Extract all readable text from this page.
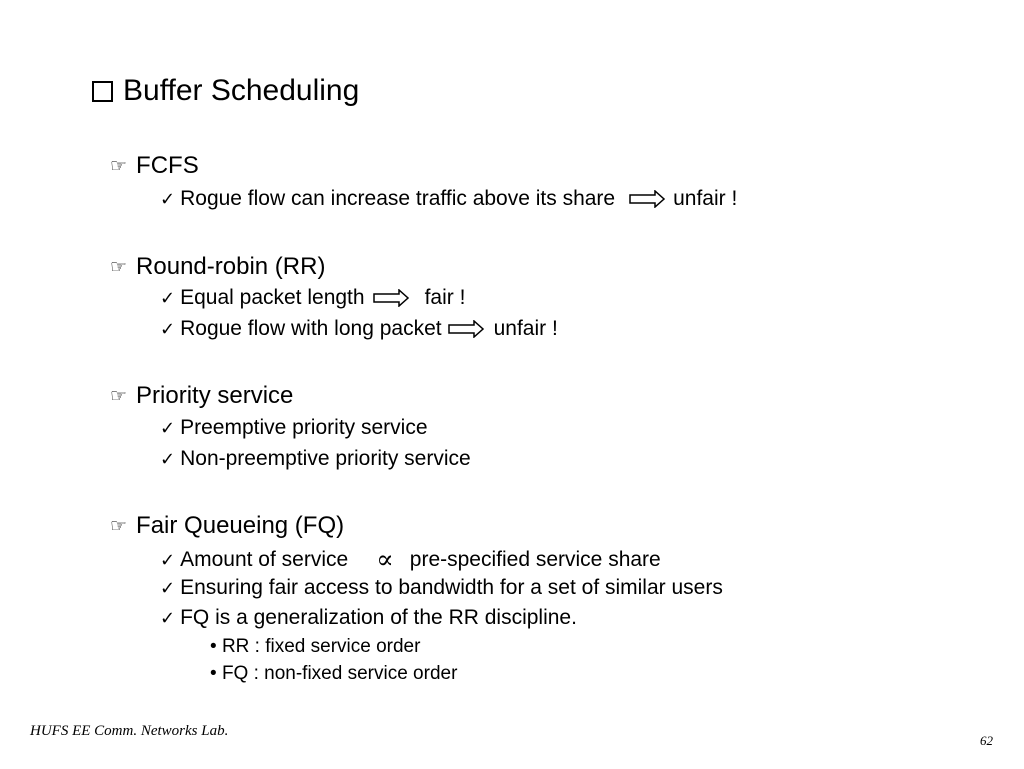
Buffer Scheduling
☞ FCFS
✓ Rogue flow can increase traffic above its share	unfair !
☞ Round-robin (RR)
✓ Equal packet length	fair !
✓ Rogue flow with long packet unfair !
☞ Priority service
✓ Preemptive priority service
✓ Non-preemptive priority service
☞ Fair Queueing (FQ)
✓ Amount of service ∝ pre-specified service share
✓ Ensuring fair access to bandwidth for a set of similar users
✓ FQ is a generalization of the RR discipline.
• RR : fixed service order
• FQ : non-fixed service order
HUFS EE Comm. Networks Lab.
62
